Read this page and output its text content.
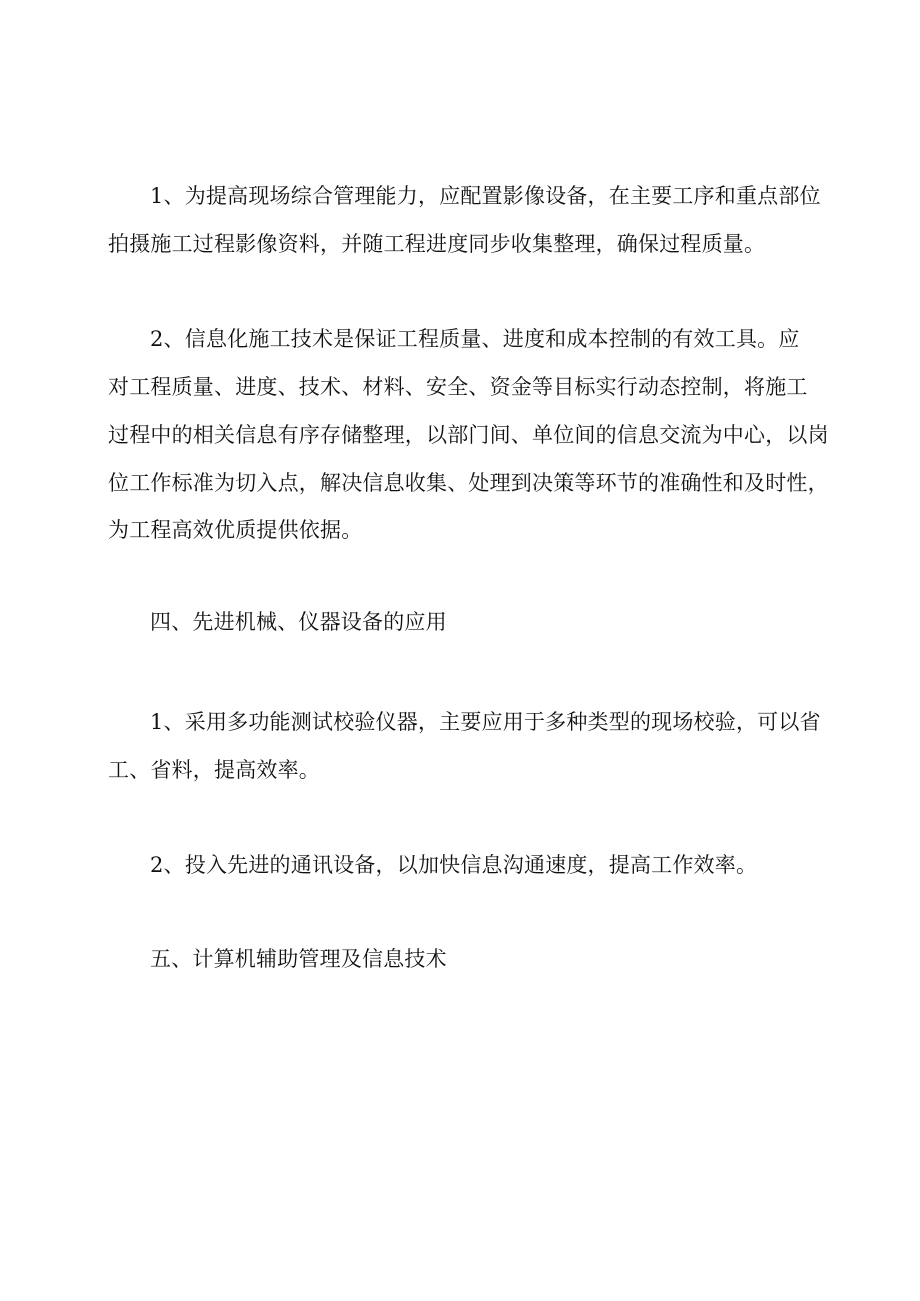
1、为提高现场综合管理能力，应配置影像设备，在主要工序和重点部位
拍摄施工过程影像资料，并随工程进度同步收集整理，确保过程质量。
2、信息化施工技术是保证工程质量、进度和成本控制的有效工具。应
对工程质量、进度、技术、材料、安全、资金等目标实行动态控制，将施工
过程中的相关信息有序存储整理，以部门间、单位间的信息交流为中心，以岗
位工作标准为切入点，解决信息收集、处理到决策等环节的准确性和及时性，
为工程高效优质提供依据。
四、先进机械、仪器设备的应用
1、采用多功能测试校验仪器，主要应用于多种类型的现场校验，可以省
工、省料，提高效率。
2、投入先进的通讯设备，以加快信息沟通速度，提高工作效率。
五、计算机辅助管理及信息技术
